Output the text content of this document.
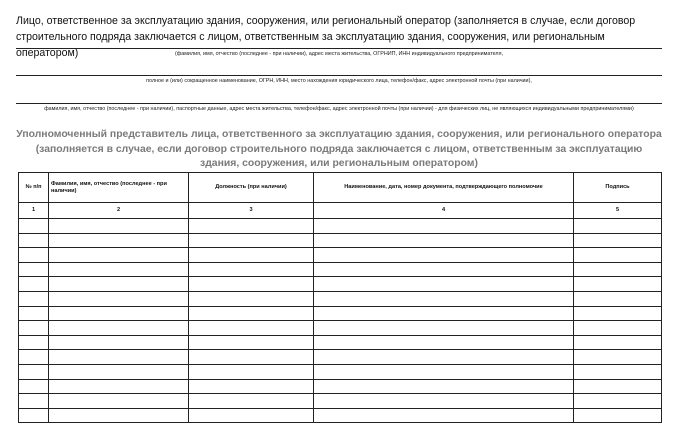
Лицо, ответственное за эксплуатацию здания, сооружения, или региональный оператор (заполняется в случае, если договор строительного подряда заключается с лицом, ответственным за эксплуатацию здания, сооружения, или региональным оператором)	(фамилия, имя, отчество (последнее - при наличии), адрес места жительства, ОГРНИП, ИНН индивидуального предпринимателя,
полное и (или) сокращенное наименование, ОГРН, ИНН, место нахождения юридического лица, телефон/факс, адрес электронной почты (при наличии),
фамилия, имя, отчество (последнее - при наличии), паспортные данные, адрес места жительства, телефон/факс, адрес электронной почты (при наличии) - для физических лиц, не являющихся индивидуальными предпринимателями)
Уполномоченный представитель лица, ответственного за эксплуатацию здания, сооружения, или регионального оператора (заполняется в случае, если договор строительного подряда заключается с лицом, ответственным за эксплуатацию здания, сооружения, или региональным оператором)
№ п/п	Фамилия, имя, отчество (последнее - при наличии)	Должность (при наличии)	Наименование, дата, номер документа, подтверждающего полномочие	Подпись
1	2	3	4	5
